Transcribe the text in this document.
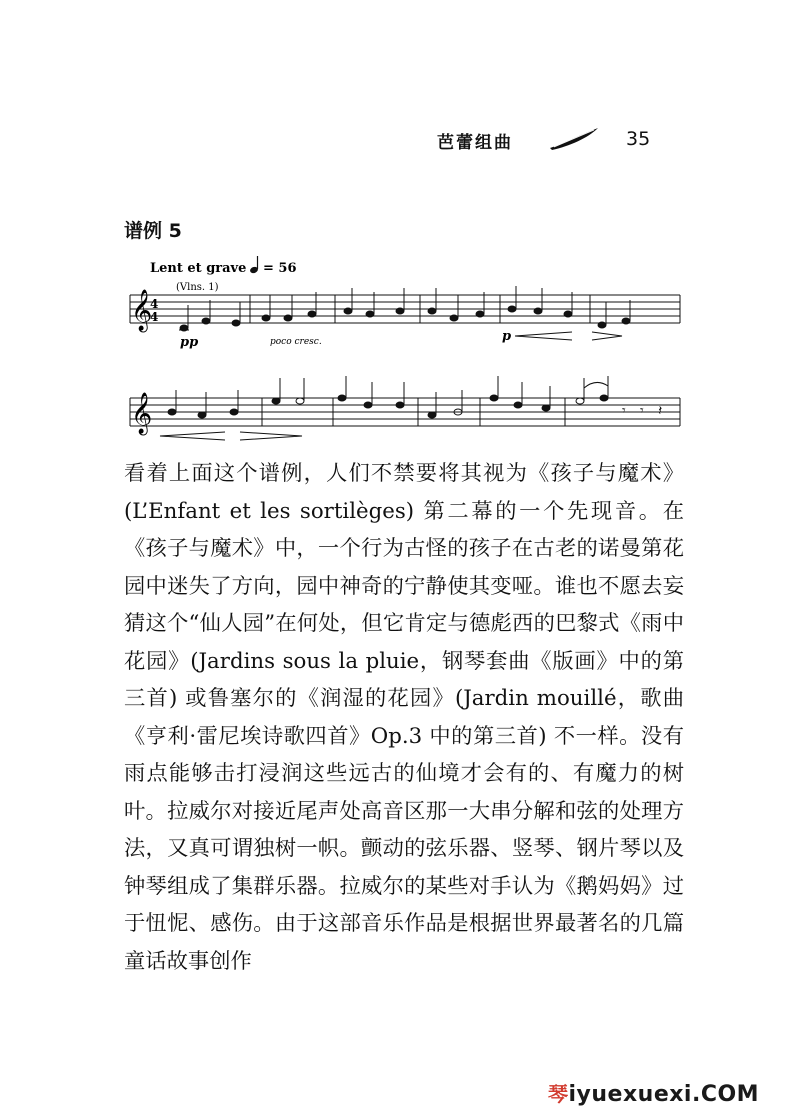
芭蕾组曲	35
谱例 5
Lent et grave = 56
(Vlns. 1)
𝄞
4
4
pp	poco cresc.	p
𝄞	𝄾 𝄾 𝄽

看着上面这个谱例，人们不禁要将其视为《孩子与魔术》(L’Enfant et les sortilèges) 第二幕的一个先现音。在《孩子与魔术》中，一个行为古怪的孩子在古老的诺曼第花园中迷失了方向，园中神奇的宁静使其变哑。谁也不愿去妄猜这个“仙人园”在何处，但它肯定与德彪西的巴黎式《雨中花园》(Jardins sous la pluie，钢琴套曲《版画》中的第三首) 或鲁塞尔的《润湿的花园》(Jardin mouillé，歌曲《亨利·雷尼埃诗歌四首》Op.3 中的第三首) 不一样。没有雨点能够击打浸润这些远古的仙境才会有的、有魔力的树叶。拉威尔对接近尾声处高音区那一大串分解和弦的处理方法，又真可谓独树一帜。颤动的弦乐器、竖琴、钢片琴以及钟琴组成了集群乐器。拉威尔的某些对手认为《鹅妈妈》过于忸怩、感伤。由于这部音乐作品是根据世界最著名的几篇童话故事创作

琴iyuexuexi.COM
